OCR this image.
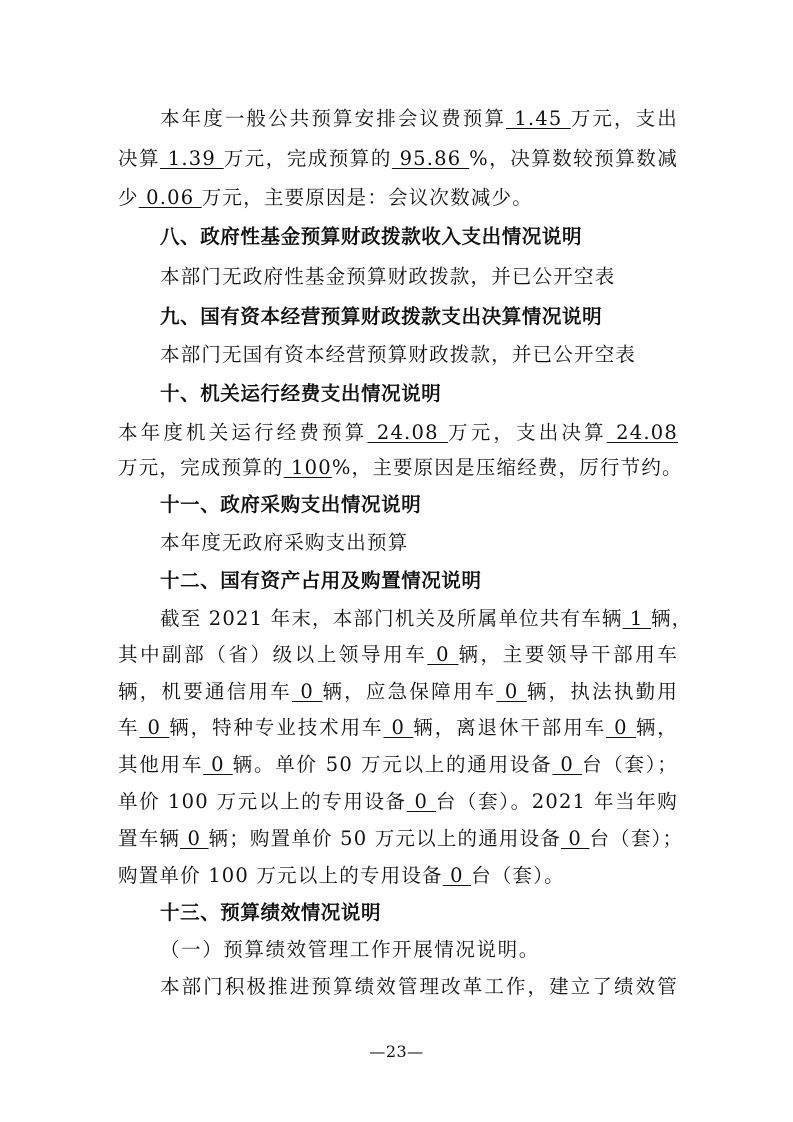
本年度一般公共预算安排会议费预算 1.45 万元，支出
决算 1.39 万元，完成预算的 95.86 %，决算数较预算数减
少 0.06 万元，主要原因是：会议次数减少。
八、政府性基金预算财政拨款收入支出情况说明
本部门无政府性基金预算财政拨款，并已公开空表
九、国有资本经营预算财政拨款支出决算情况说明
本部门无国有资本经营预算财政拨款，并已公开空表
十、机关运行经费支出情况说明
本年度机关运行经费预算 24.08 万元，支出决算 24.08
万元，完成预算的 100%，主要原因是压缩经费，厉行节约。
十一、政府采购支出情况说明
本年度无政府采购支出预算
十二、国有资产占用及购置情况说明
截至 2021 年末，本部门机关及所属单位共有车辆 1 辆，
其中副部（省）级以上领导用车 0 辆，主要领导干部用车
辆，机要通信用车 0 辆，应急保障用车 0 辆，执法执勤用
车 0 辆，特种专业技术用车 0 辆，离退休干部用车 0 辆，
其他用车 0 辆。单价 50 万元以上的通用设备 0 台（套）；
单价 100 万元以上的专用设备 0 台（套）。2021 年当年购
置车辆 0 辆；购置单价 50 万元以上的通用设备 0 台（套）；
购置单价 100 万元以上的专用设备 0 台（套）。
十三、预算绩效情况说明
（一）预算绩效管理工作开展情况说明。
本部门积极推进预算绩效管理改革工作，建立了绩效管
—23—
